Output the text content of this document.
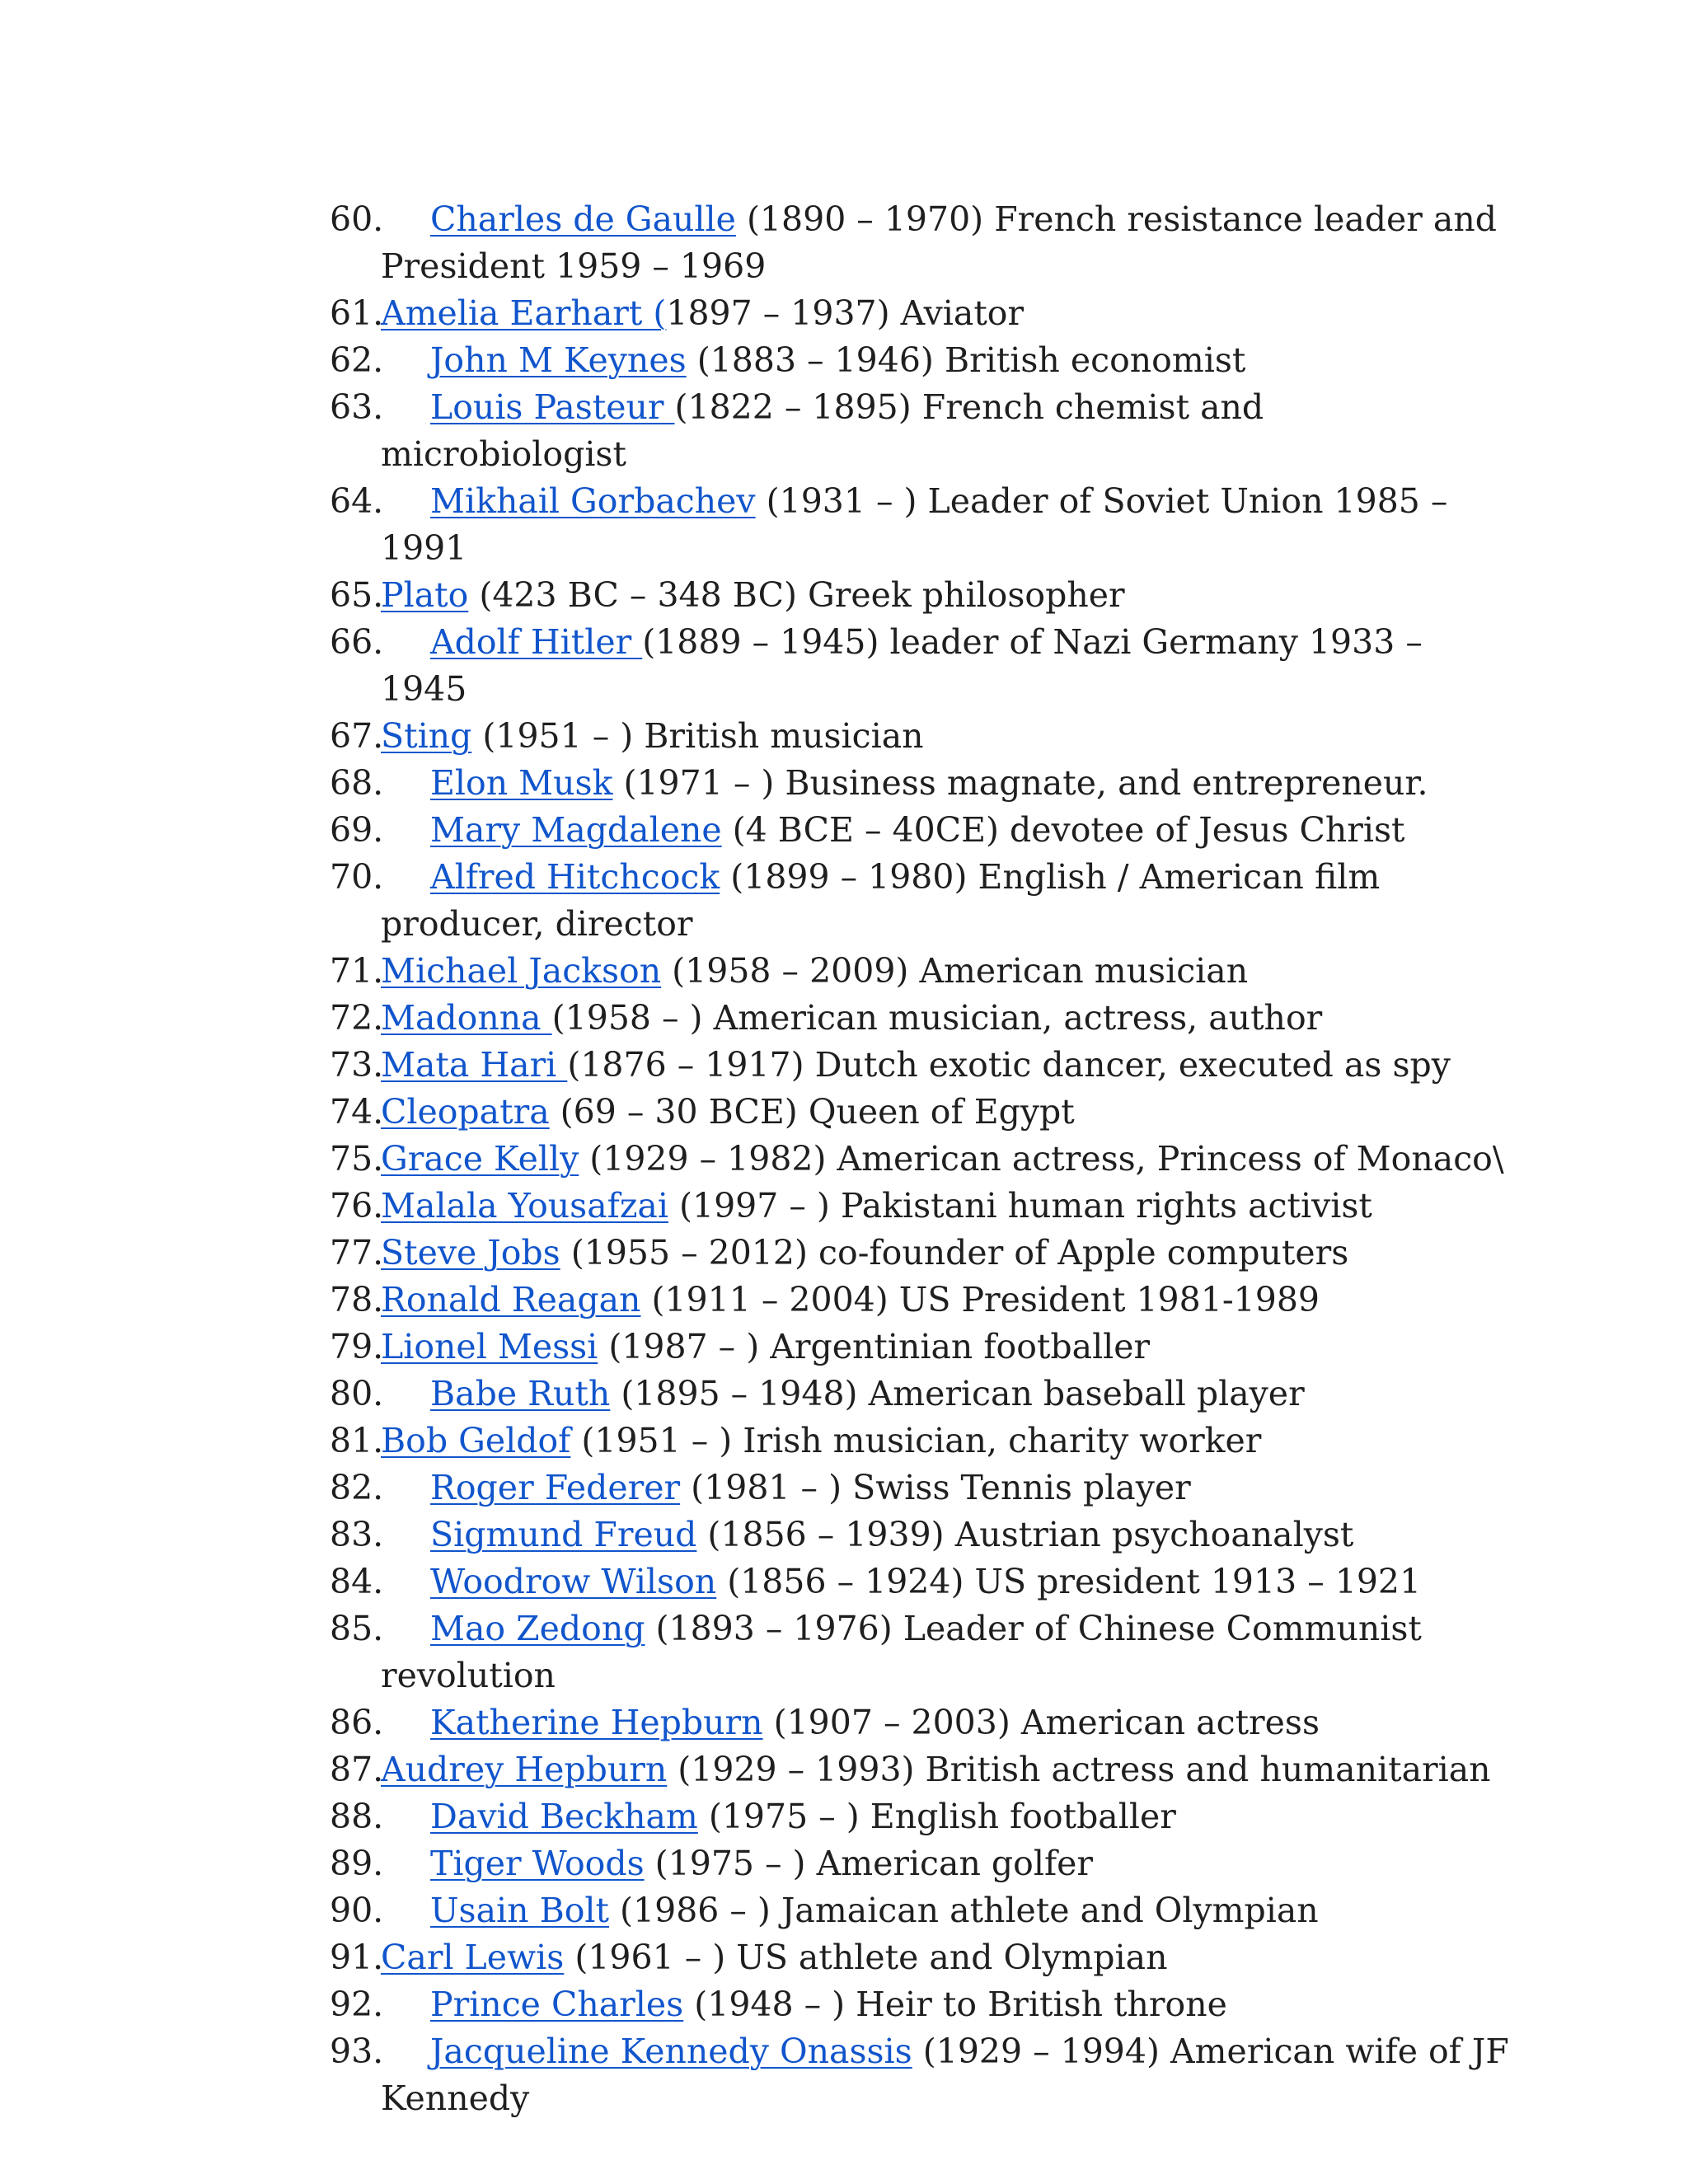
60.	Charles de Gaulle (1890 – 1970) French resistance leader and President 1959 – 1969
61.
Amelia Earhart (1897 – 1937) Aviator
62.	John M Keynes (1883 – 1946) British economist
63.	Louis Pasteur (1822 – 1895) French chemist and microbiologist
64.	Mikhail Gorbachev (1931 – ) Leader of Soviet Union 1985 – 1991
65.
Plato (423 BC – 348 BC) Greek philosopher
66.	Adolf Hitler (1889 – 1945) leader of Nazi Germany 1933 – 1945
67.
Sting (1951 – ) British musician
68.	Elon Musk (1971 – ) Business magnate, and entrepreneur.
69.	Mary Magdalene (4 BCE – 40CE) devotee of Jesus Christ
70.	Alfred Hitchcock (1899 – 1980) English / American film producer, director
71.
Michael Jackson (1958 – 2009) American musician
72.
Madonna (1958 – ) American musician, actress, author
73.
Mata Hari (1876 – 1917) Dutch exotic dancer, executed as spy
74.
Cleopatra (69 – 30 BCE) Queen of Egypt
75.
Grace Kelly (1929 – 1982) American actress, Princess of Monaco\
76.
Malala Yousafzai (1997 – ) Pakistani human rights activist
77.
Steve Jobs (1955 – 2012) co-founder of Apple computers
78.
Ronald Reagan (1911 – 2004) US President 1981-1989
79.
Lionel Messi (1987 – ) Argentinian footballer
80.	Babe Ruth (1895 – 1948) American baseball player
81.
Bob Geldof (1951 – ) Irish musician, charity worker
82.	Roger Federer (1981 – ) Swiss Tennis player
83.	Sigmund Freud (1856 – 1939) Austrian psychoanalyst
84.	Woodrow Wilson (1856 – 1924) US president 1913 – 1921
85.	Mao Zedong (1893 – 1976) Leader of Chinese Communist revolution
86.	Katherine Hepburn (1907 – 2003) American actress
87.
Audrey Hepburn (1929 – 1993) British actress and humanitarian
88.	David Beckham (1975 – ) English footballer
89.	Tiger Woods (1975 – ) American golfer
90.	Usain Bolt (1986 – ) Jamaican athlete and Olympian
91.
Carl Lewis (1961 – ) US athlete and Olympian
92.	Prince Charles (1948 – ) Heir to British throne
93.	Jacqueline Kennedy Onassis (1929 – 1994) American wife of JF Kennedy
